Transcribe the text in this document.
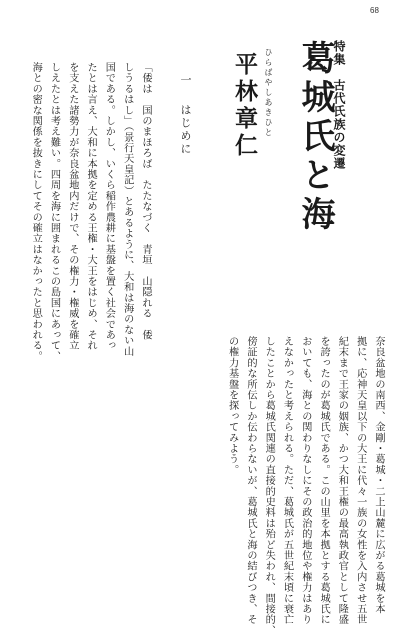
68
特集　古代氏族の変遷
葛城氏と海
ひらばやしあきひと
平林章仁
一
はじめに
「倭は　国のまほろば　たたなづく　青垣　山隠れる　倭
しうるはし」（景行天皇記）とあるように、大和は海のない山
国である。しかし、いくら稲作農耕に基盤を置く社会であっ
たとは言え、大和に本拠を定める王権・大王をはじめ、それ
を支えた諸勢力が奈良盆地内だけで、その権力・権威を確立
しえたとは考え難い。四周を海に囲まれるこの島国にあって、
海との密な関係を抜きにしてその確立はなかったと思われる。
奈良盆地の南西、金剛・葛城・二上山麓に広がる葛城を本
拠に、応神天皇以下の大王に代々一族の女性を入内させ五世
紀末まで王家の姻族、かつ大和王権の最高執政官として隆盛
を誇ったのが葛城氏である。この山里を本拠とする葛城氏に
おいても、海との関わりなしにその政治的地位や権力はあり
えなかったと考えられる。ただ、葛城氏が五世紀末頃に衰亡
したことから葛城氏関連の直接的史料は殆ど失われ、間接的、
傍証的な所伝しか伝わらないが、葛城氏と海の結びつき、そ
の権力基盤を探ってみよう。
